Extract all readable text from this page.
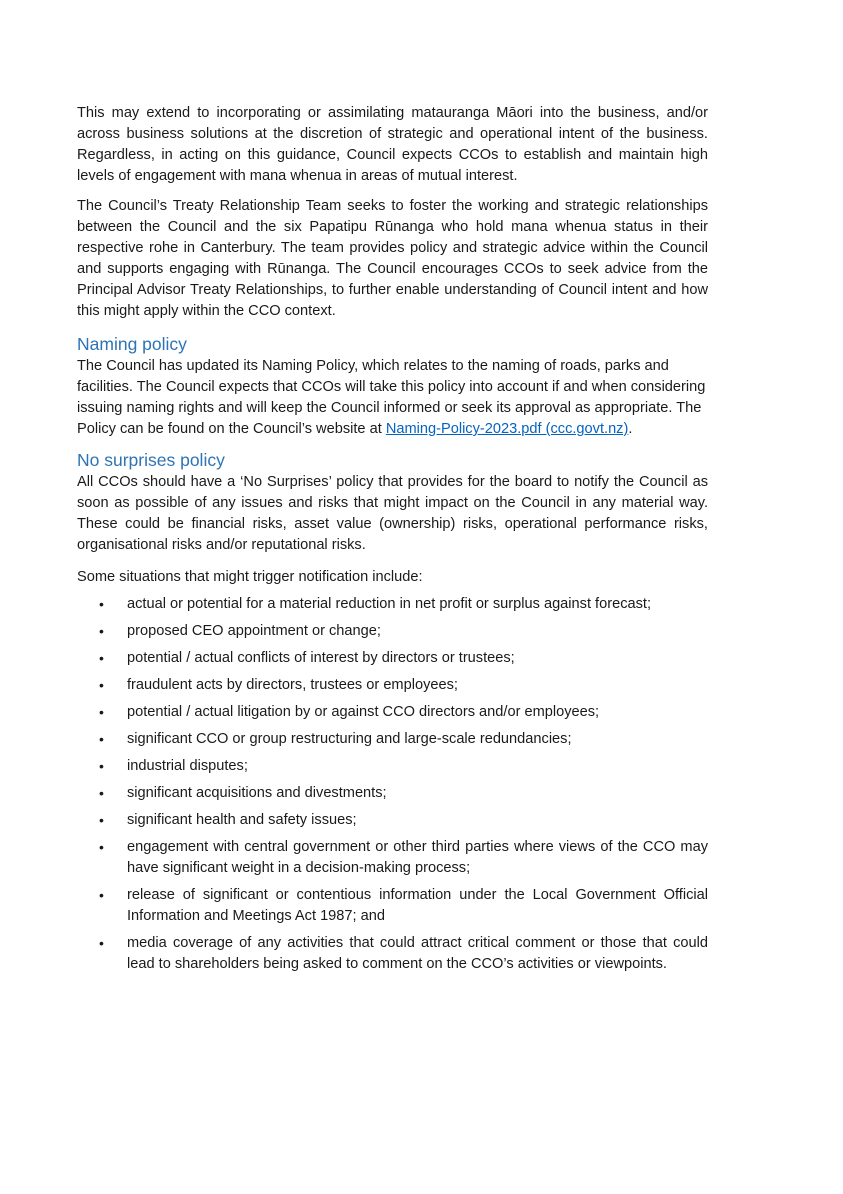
This may extend to incorporating or assimilating matauranga Māori into the business, and/or across business solutions at the discretion of strategic and operational intent of the business. Regardless, in acting on this guidance, Council expects CCOs to establish and maintain high levels of engagement with mana whenua in areas of mutual interest.

The Council’s Treaty Relationship Team seeks to foster the working and strategic relationships between the Council and the six Papatipu Rūnanga who hold mana whenua status in their respective rohe in Canterbury. The team provides policy and strategic advice within the Council and supports engaging with Rūnanga. The Council encourages CCOs to seek advice from the Principal Advisor Treaty Relationships, to further enable understanding of Council intent and how this might apply within the CCO context.

Naming policy

The Council has updated its Naming Policy, which relates to the naming of roads, parks and facilities. The Council expects that CCOs will take this policy into account if and when considering issuing naming rights and will keep the Council informed or seek its approval as appropriate. The Policy can be found on the Council’s website at Naming-Policy-2023.pdf (ccc.govt.nz).

No surprises policy

All CCOs should have a ‘No Surprises’ policy that provides for the board to notify the Council as soon as possible of any issues and risks that might impact on the Council in any material way. These could be financial risks, asset value (ownership) risks, operational performance risks, organisational risks and/or reputational risks.

Some situations that might trigger notification include:

• actual or potential for a material reduction in net profit or surplus against forecast;
• proposed CEO appointment or change;
• potential / actual conflicts of interest by directors or trustees;
• fraudulent acts by directors, trustees or employees;
• potential / actual litigation by or against CCO directors and/or employees;
• significant CCO or group restructuring and large-scale redundancies;
• industrial disputes;
• significant acquisitions and divestments;
• significant health and safety issues;
• engagement with central government or other third parties where views of the CCO may have significant weight in a decision-making process;
• release of significant or contentious information under the Local Government Official Information and Meetings Act 1987; and
• media coverage of any activities that could attract critical comment or those that could lead to shareholders being asked to comment on the CCO’s activities or viewpoints.
